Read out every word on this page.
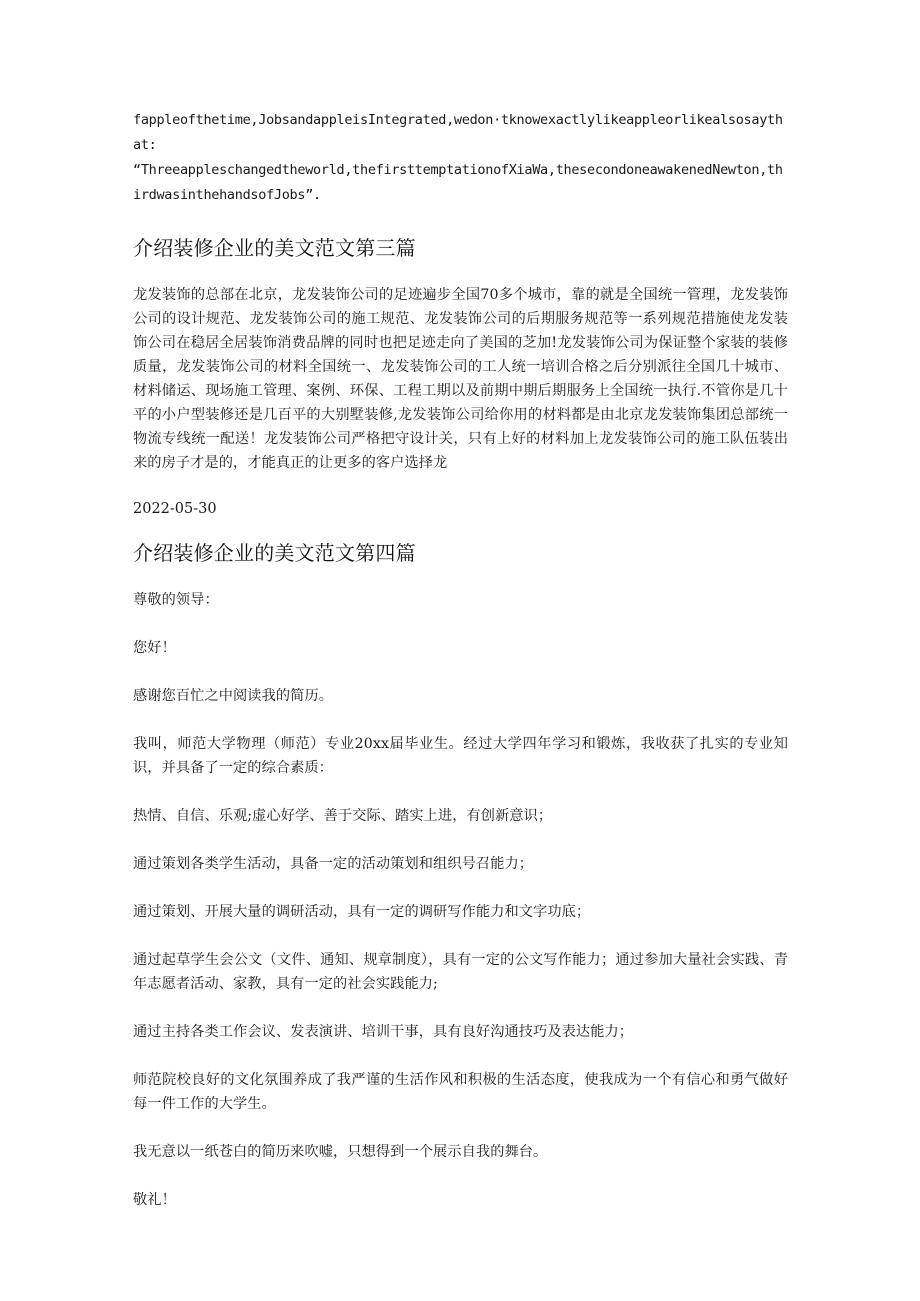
fappleofthetime,JobsandappleisIntegrated,wedon·tknowexactlylikeappleorlikealsosaythat:

“Threeappleschangedtheworld,thefirsttemptationofXiaWa,thesecondoneawakenedNewton,thirdwasinthehandsofJobs”.

介绍装修企业的美文范文第三篇

龙发装饰的总部在北京，龙发装饰公司的足迹遍步全国70多个城市，靠的就是全国统一管理，龙发装饰公司的设计规范、龙发装饰公司的施工规范、龙发装饰公司的后期服务规范等一系列规范措施使龙发装饰公司在稳居全居装饰消费品牌的同时也把足迹走向了美国的芝加!龙发装饰公司为保证整个家装的装修质量，龙发装饰公司的材料全国统一、龙发装饰公司的工人统一培训合格之后分别派往全国几十城市、材料储运、现场施工管理、案例、环保、工程工期以及前期中期后期服务上全国统一执行.不管你是几十平的小户型装修还是几百平的大别墅装修,龙发装饰公司给你用的材料都是由北京龙发装饰集团总部统一物流专线统一配送！龙发装饰公司严格把守设计关，只有上好的材料加上龙发装饰公司的施工队伍装出来的房子才是的，才能真正的让更多的客户选择龙

2022-05-30

介绍装修企业的美文范文第四篇

尊敬的领导：

您好！

感谢您百忙之中阅读我的简历。

我叫，师范大学物理（师范）专业20xx届毕业生。经过大学四年学习和锻炼，我收获了扎实的专业知识，并具备了一定的综合素质：

热情、自信、乐观;虚心好学、善于交际、踏实上进，有创新意识；

通过策划各类学生活动，具备一定的活动策划和组织号召能力；

通过策划、开展大量的调研活动，具有一定的调研写作能力和文字功底；

通过起草学生会公文（文件、通知、规章制度），具有一定的公文写作能力；通过参加大量社会实践、青年志愿者活动、家教，具有一定的社会实践能力;

通过主持各类工作会议、发表演讲、培训干事，具有良好沟通技巧及表达能力；

师范院校良好的文化氛围养成了我严谨的生活作风和积极的生活态度，使我成为一个有信心和勇气做好每一件工作的大学生。

我无意以一纸苍白的简历来吹嘘，只想得到一个展示自我的舞台。

敬礼！
